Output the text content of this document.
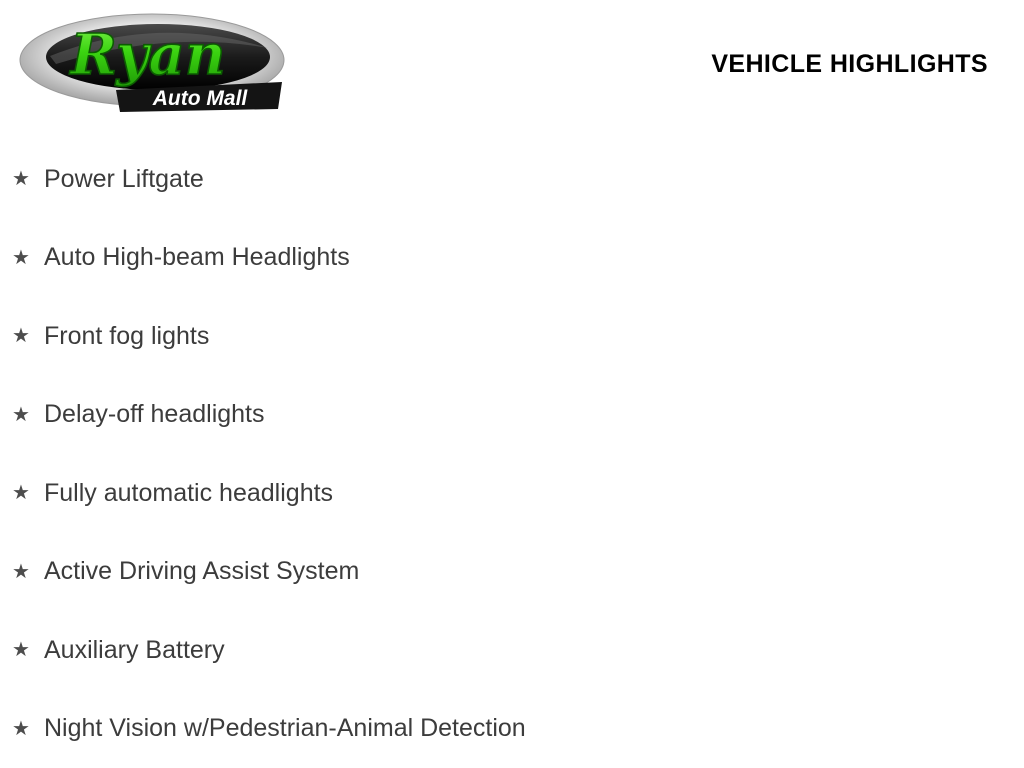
Ryan
Auto Mall
VEHICLE HIGHLIGHTS
★ Power Liftgate
★ Auto High-beam Headlights
★ Front fog lights
★ Delay-off headlights
★ Fully automatic headlights
★ Active Driving Assist System
★ Auxiliary Battery
★ Night Vision w/Pedestrian-Animal Detection
